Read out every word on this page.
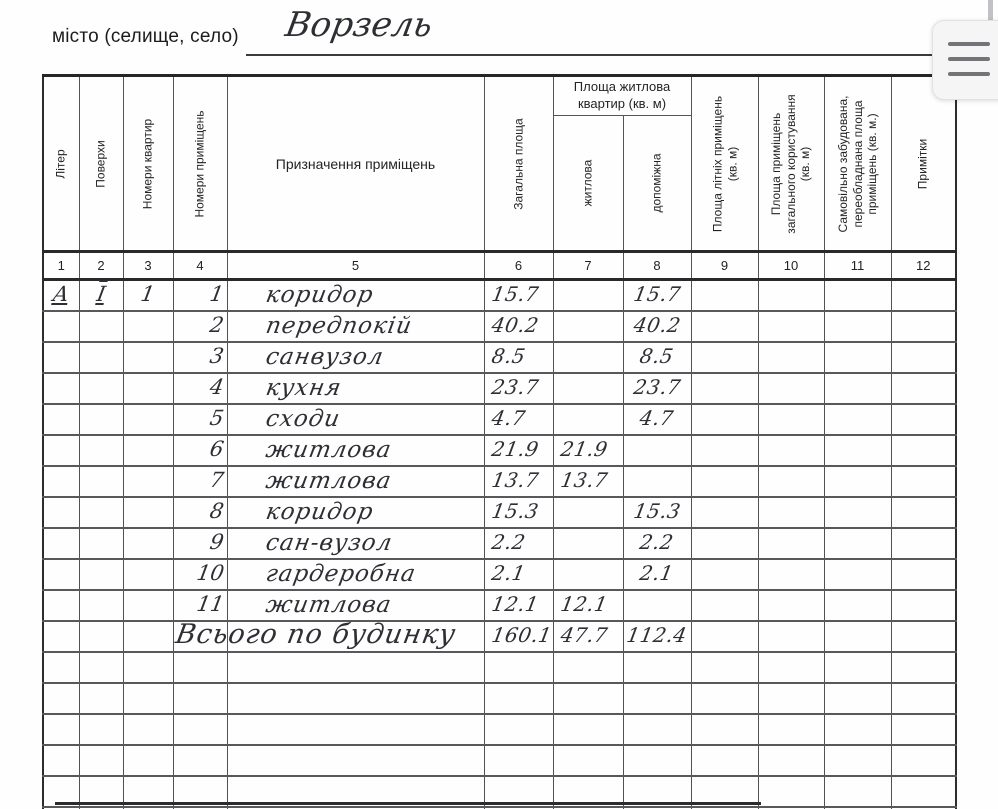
місто (селище, село) Ворзель
Літер	Поверхи	Номери квартир	Номери приміщень	Призначення приміщень	Загальна площа	Площа житлова квартир (кв. м)		Площа літніх приміщень (кв. м)	Площа приміщень загального користування (кв. м)	Самовільно забудована, переобладнана площа приміщень (кв. м.)	Примітки

						житлова	допоміжна				

1	2	3	4	5	6	7	8	9	10	11	12
А	І	1	1	коридор	15.7		15.7				
			2	передпокій	40.2		40.2				
			3	санвузол	8.5		8.5				
			4	кухня	23.7		23.7				
			5	сходи	4.7		4.7				
			6	житлова	21.9	21.9					
			7	житлова	13.7	13.7					
			8	коридор	15.3		15.3				
			9	сан-вузол	2.2		2.2				
			10	гардеробна	2.1		2.1				
			11	житлова	12.1	12.1					

			Всього по будинку		160.1	47.7	112.4				
